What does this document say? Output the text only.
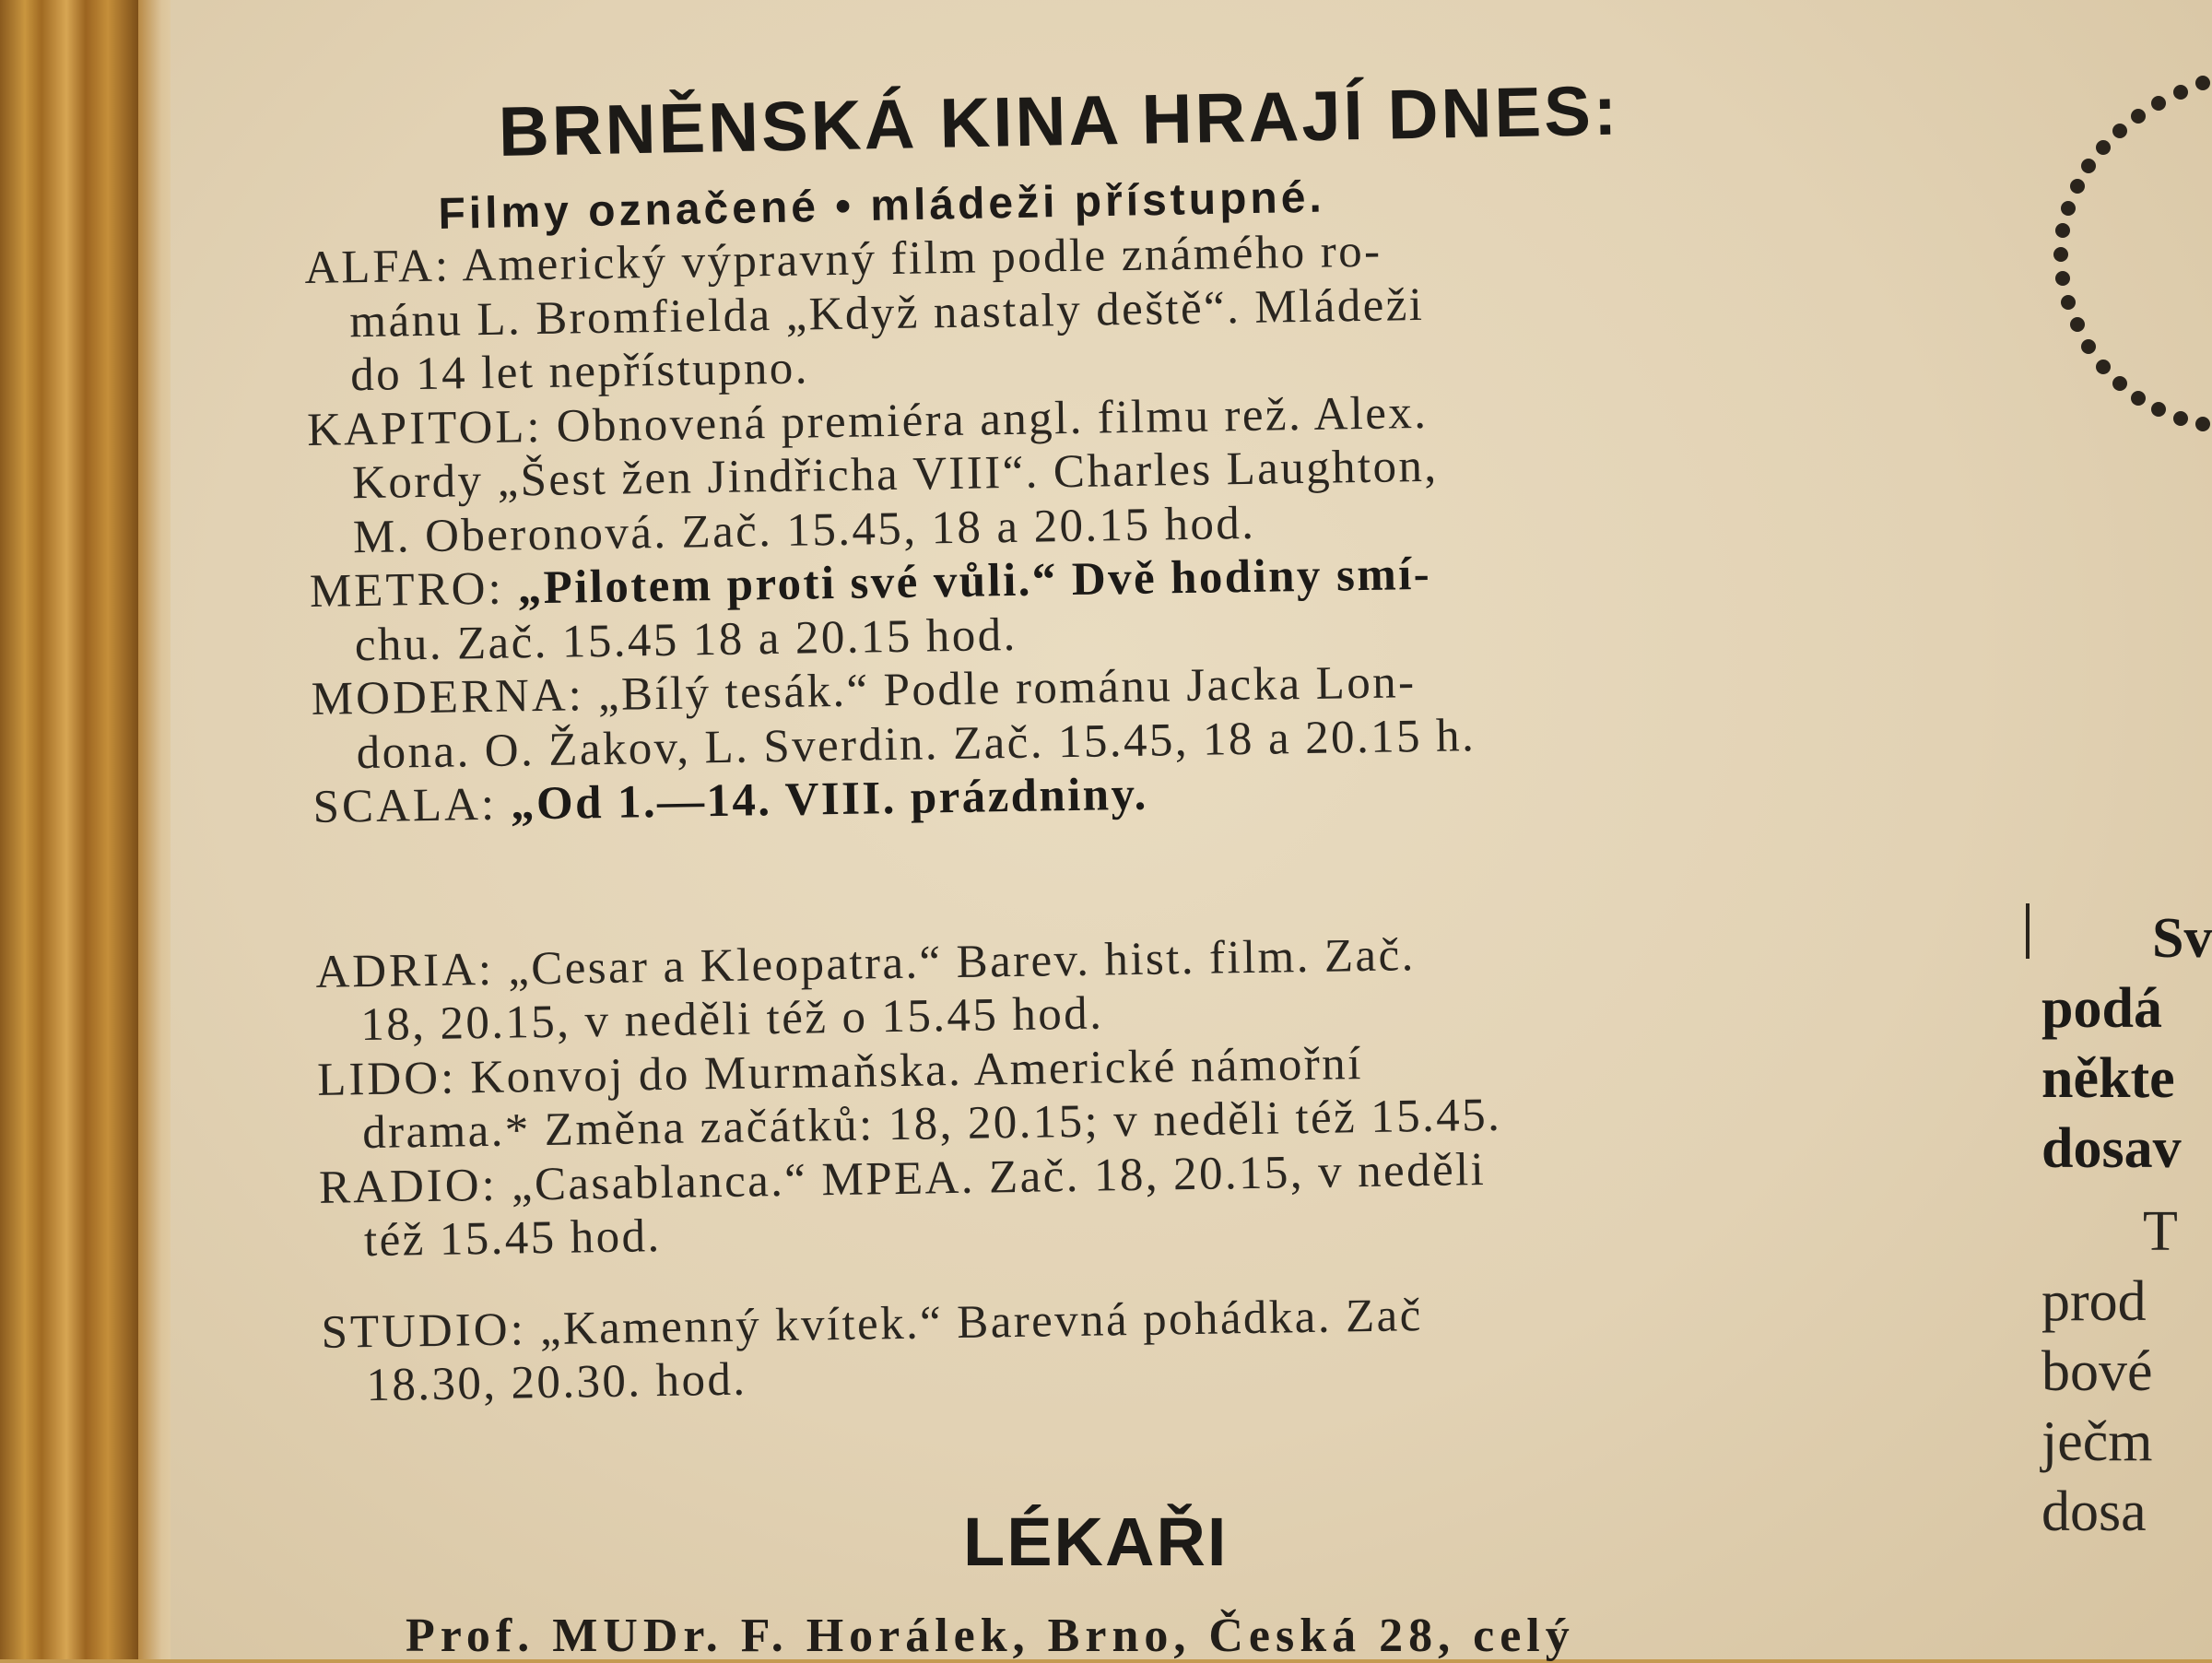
BRNĚNSKÁ KINA HRAJÍ DNES:
Filmy označené • mládeži přístupné.

ALFA: Americký výpravný film podle známého ro-
mánu L. Bromfielda „Když nastaly deště“. Mládeži
do 14 let nepřístupno.

KAPITOL: Obnovená premiéra angl. filmu rež. Alex.
Kordy „Šest žen Jindřicha VIII“. Charles Laughton,
M. Oberonová. Zač. 15.45, 18 a 20.15 hod.

METRO: „Pilotem proti své vůli.“ Dvě hodiny smí-
chu. Zač. 15.45 18 a 20.15 hod.

MODERNA: „Bílý tesák.“ Podle románu Jacka Lon-
dona. O. Žakov, L. Sverdin. Zač. 15.45, 18 a 20.15 h.

SCALA: „Od 1.—14. VIII. prázdniny.

ADRIA: „Cesar a Kleopatra.“ Barev. hist. film. Zač.
18, 20.15, v neděli též o 15.45 hod.

LIDO: Konvoj do Murmaňska. Americké námořní
drama.* Změna začátků: 18, 20.15; v neděli též 15.45.

RADIO: „Casablanca.“ MPEA. Zač. 18, 20.15, v neděli
též 15.45 hod.

STUDIO: „Kamenný kvítek.“ Barevná pohádka. Zač
18.30, 20.30. hod.

LÉKAŘI
Prof. MUDr. F. Horálek, Brno, Česká 28, celý
Sv
podá
někte
dosav
T
prod
bové
ječm
dosa
